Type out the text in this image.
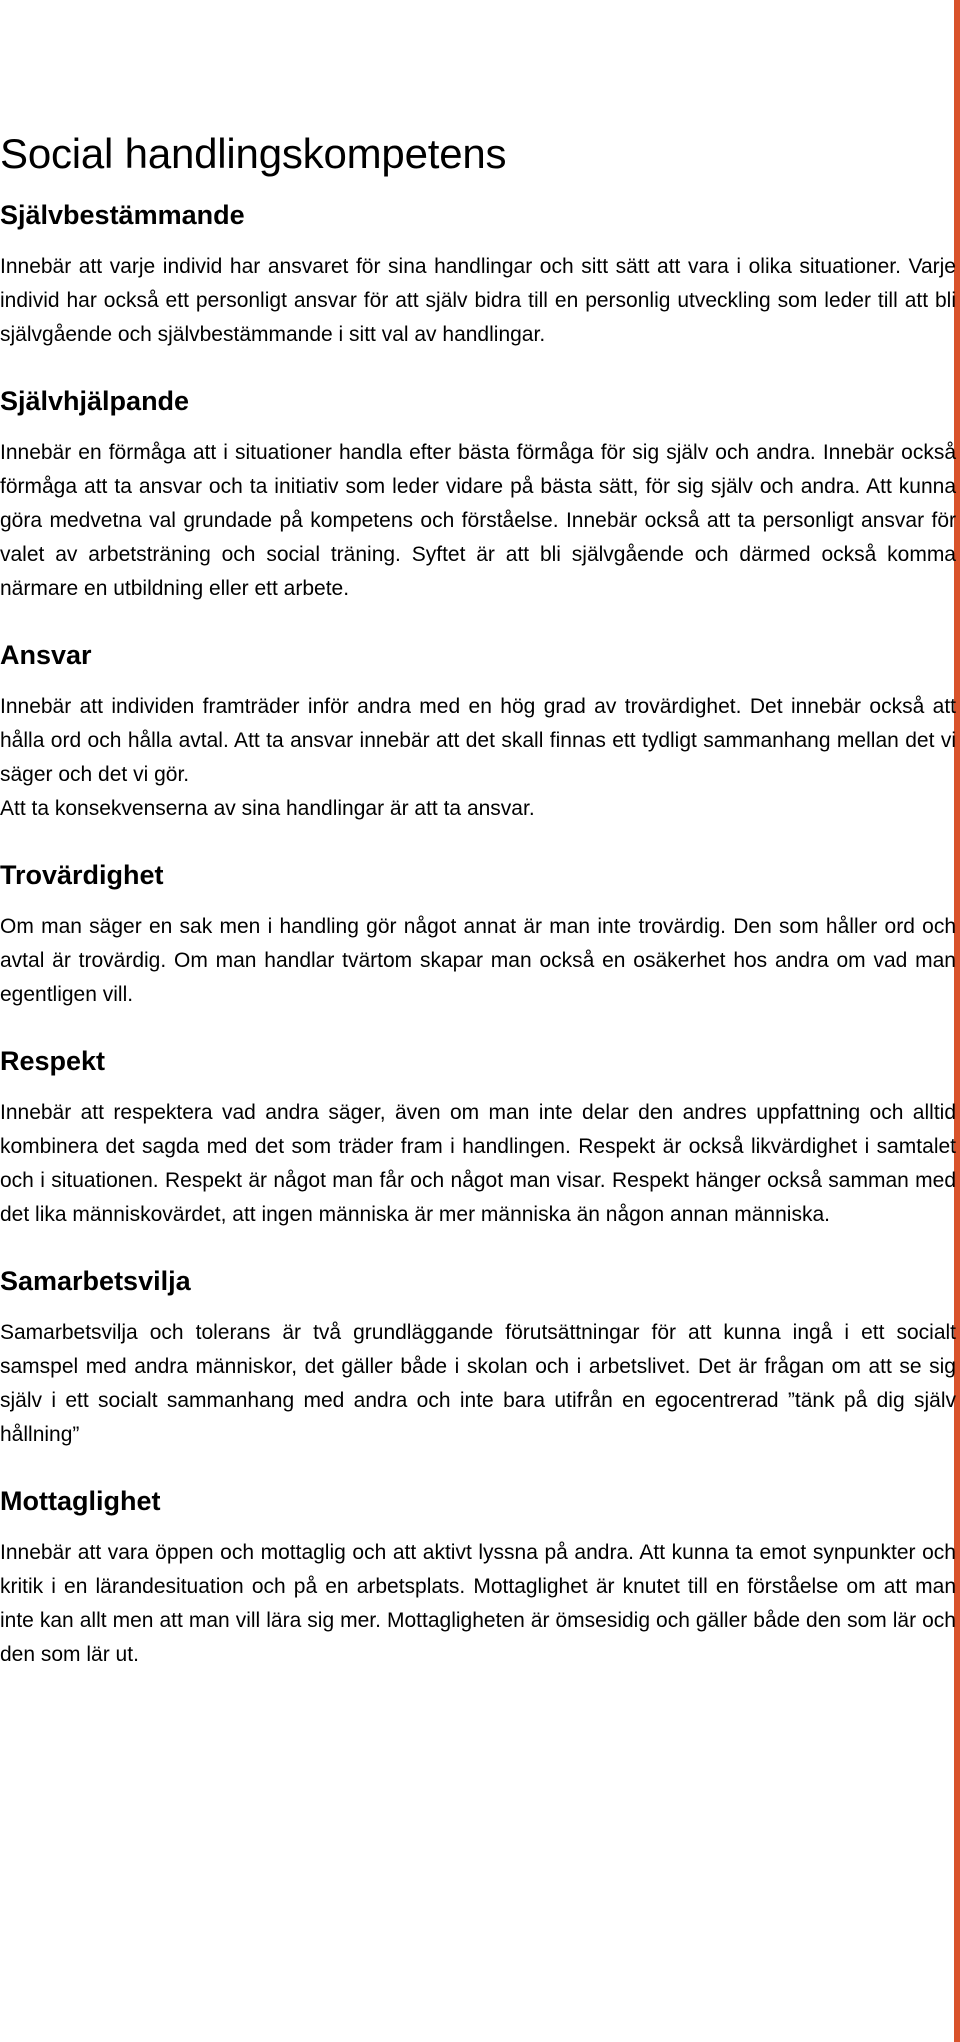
Social handlingskompetens
Självbestämmande

Innebär att varje individ har ansvaret för sina handlingar och sitt sätt att vara i olika situationer. Varje individ har också ett personligt ansvar för att själv bidra till en personlig utveckling som leder till att bli självgående och självbestämmande i sitt val av handlingar.

Självhjälpande

Innebär en förmåga att i situationer handla efter bästa förmåga för sig själv och andra. Innebär också förmåga att ta ansvar och ta initiativ som leder vidare på bästa sätt, för sig själv och andra. Att kunna göra medvetna val grundade på kompetens och förståelse. Innebär också att ta personligt ansvar för valet av arbetsträning och social träning. Syftet är att bli självgående och därmed också komma närmare en utbildning eller ett arbete.

Ansvar

Innebär att individen framträder inför andra med en hög grad av trovärdighet. Det innebär också att hålla ord och hålla avtal. Att ta ansvar innebär att det skall finnas ett tydligt sammanhang mellan det vi säger och det vi gör.

Att ta konsekvenserna av sina handlingar är att ta ansvar.

Trovärdighet

Om man säger en sak men i handling gör något annat är man inte trovärdig. Den som håller ord och avtal är trovärdig. Om man handlar tvärtom skapar man också en osäkerhet hos andra om vad man egentligen vill.

Respekt

Innebär att respektera vad andra säger, även om man inte delar den andres uppfattning och alltid kombinera det sagda med det som träder fram i handlingen. Respekt är också likvärdighet i samtalet och i situationen. Respekt är något man får och något man visar. Respekt hänger också samman med det lika människovärdet, att ingen människa är mer människa än någon annan människa.

Samarbetsvilja

Samarbetsvilja och tolerans är två grundläggande förutsättningar för att kunna ingå i ett socialt samspel med andra människor, det gäller både i skolan och i arbetslivet. Det är frågan om att se sig själv i ett socialt sammanhang med andra och inte bara utifrån en egocentrerad ”tänk på dig själv hållning”

Mottaglighet

Innebär att vara öppen och mottaglig och att aktivt lyssna på andra. Att kunna ta emot synpunkter och kritik i en lärandesituation och på en arbetsplats. Mottaglighet är knutet till en förståelse om att man inte kan allt men att man vill lära sig mer. Mottagligheten är ömsesidig och gäller både den som lär och den som lär ut.
